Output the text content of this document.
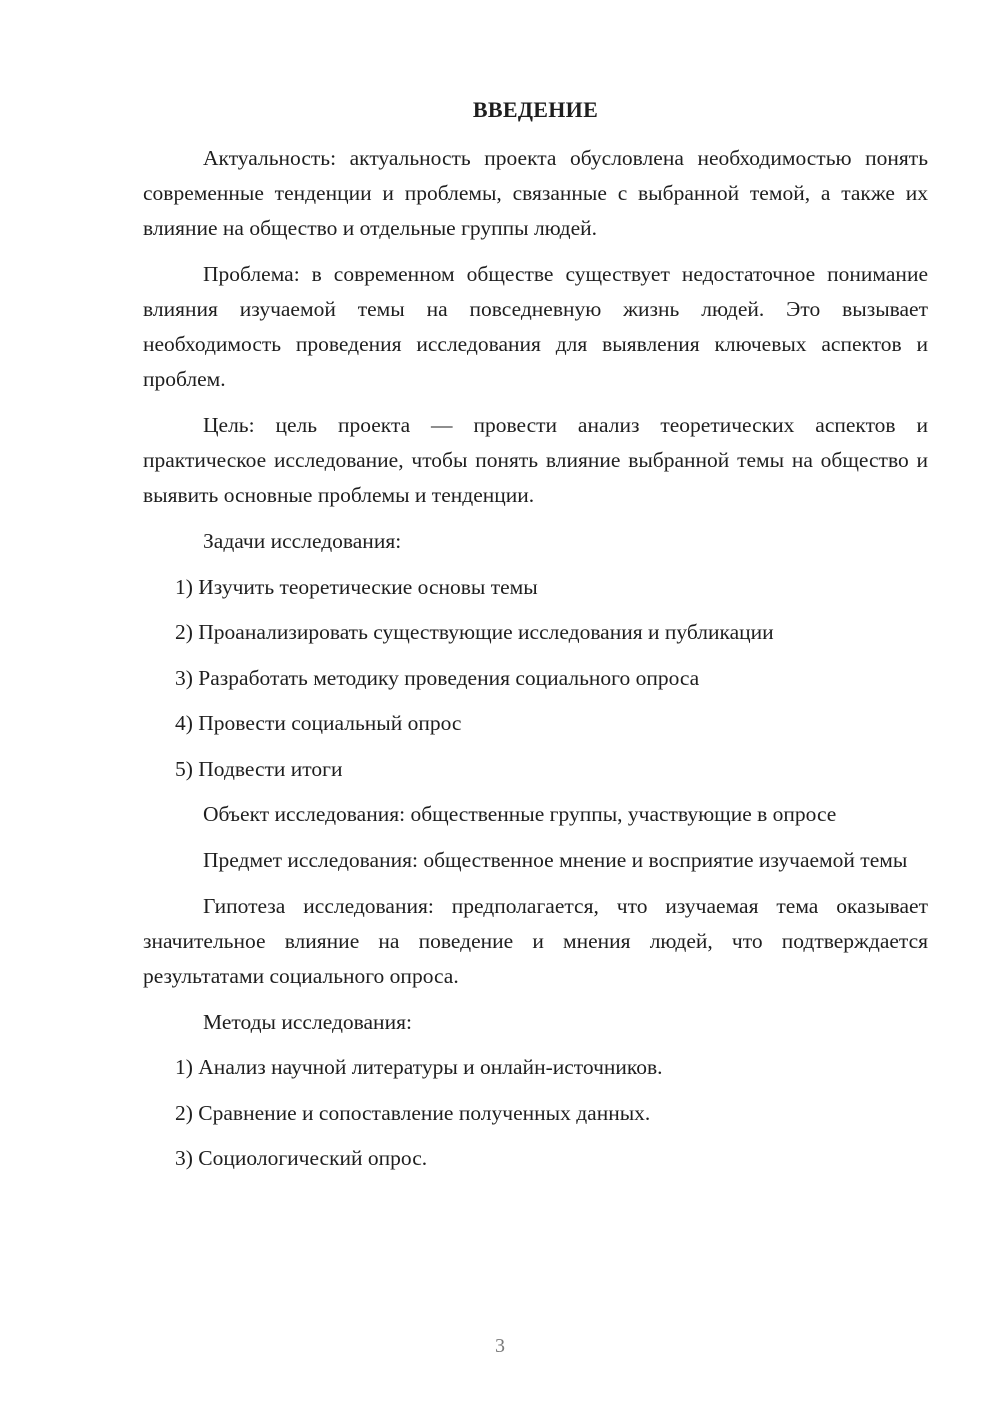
ВВЕДЕНИЕ

Актуальность: актуальность проекта обусловлена необходимостью понять современные тенденции и проблемы, связанные с выбранной темой, а также их влияние на общество и отдельные группы людей.

Проблема: в современном обществе существует недостаточное понимание влияния изучаемой темы на повседневную жизнь людей. Это вызывает необходимость проведения исследования для выявления ключевых аспектов и проблем.

Цель: цель проекта — провести анализ теоретических аспектов и практическое исследование, чтобы понять влияние выбранной темы на общество и выявить основные проблемы и тенденции.

Задачи исследования:
1) Изучить теоретические основы темы
2) Проанализировать существующие исследования и публикации
3) Разработать методику проведения социального опроса
4) Провести социальный опрос
5) Подвести итоги
Объект исследования: общественные группы, участвующие в опросе

Предмет исследования: общественное мнение и восприятие изучаемой темы

Гипотеза исследования: предполагается, что изучаемая тема оказывает значительное влияние на поведение и мнения людей, что подтверждается результатами социального опроса.

Методы исследования:
1) Анализ научной литературы и онлайн-источников.
2) Сравнение и сопоставление полученных данных.
3) Социологический опрос.
3
